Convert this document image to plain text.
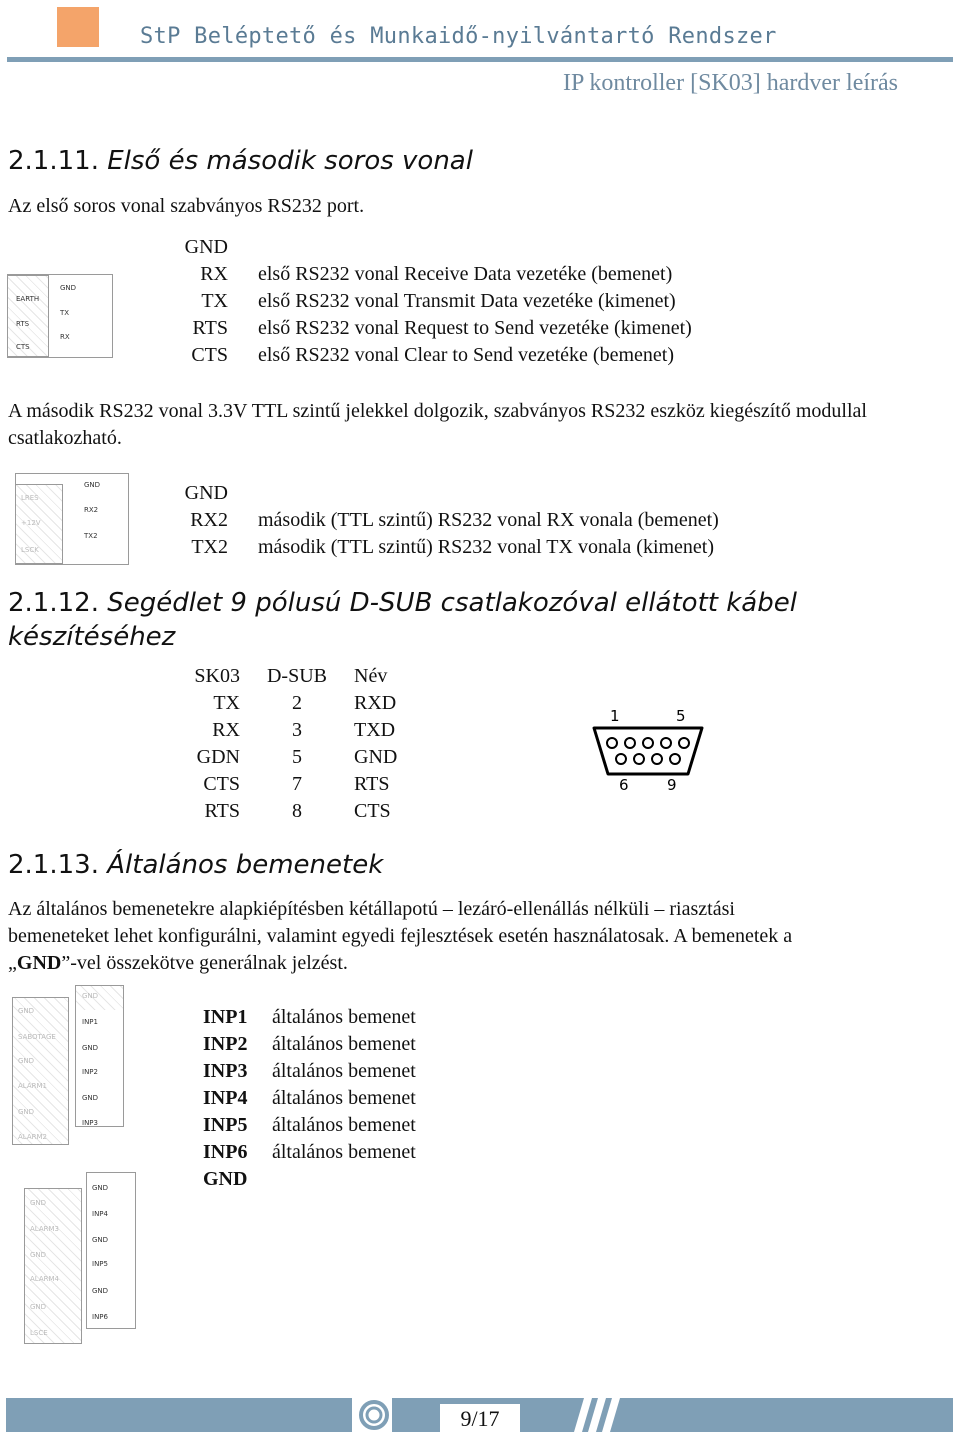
StP Beléptető és Munkaidő-nyilvántartó Rendszer
IP kontroller [SK03] hardver leírás
2.1.11. Első és második soros vonal
Az első soros vonal szabványos RS232 port.
EARTH
RTS
CTS
GND
TX
RX
GND
RX első RS232 vonal Receive Data vezetéke (bemenet)
TX első RS232 vonal Transmit Data vezetéke (kimenet)
RTS első RS232 vonal Request to Send vezetéke (kimenet)
CTS első RS232 vonal Clear to Send vezetéke (bemenet)
A második RS232 vonal 3.3V TTL szintű jelekkel dolgozik, szabványos RS232 eszköz kiegészítő modullal csatlakozható.
LRES
+12V
LSCK
GND
RX2
TX2
GND
RX2 második (TTL szintű) RS232 vonal RX vonala (bemenet)
TX2 második (TTL szintű) RS232 vonal TX vonala (kimenet)
2.1.12. Segédlet 9 pólusú D-SUB csatlakozóval ellátott kábel
készítéséhez
SK03	D-SUB	Név
TX	2	RXD
RX	3	TXD
GDN	5	GND
CTS	7	RTS
RTS	8	CTS
1	5
6	9
2.1.13. Általános bemenetek
Az általános bemenetekre alapkiépítésben kétállapotú – lezáró-ellenállás nélküli – riasztási
bemeneteket lehet konfigurálni, valamint egyedi fejlesztések esetén használatosak. A bemenetek a
„GND”-vel összekötve generálnak jelzést.
GND
SABOTAGE
GND
ALARM1
GND
ALARM2
GND
INP1
GND
INP2
GND
INP3
GND
ALARM3
GND
ALARM4
GND
LSCE
GND
INP4
GND
INP5
GND
INP6
INP1 általános bemenet
INP2 általános bemenet
INP3 általános bemenet
INP4 általános bemenet
INP5 általános bemenet
INP6 általános bemenet
GND
9/17
